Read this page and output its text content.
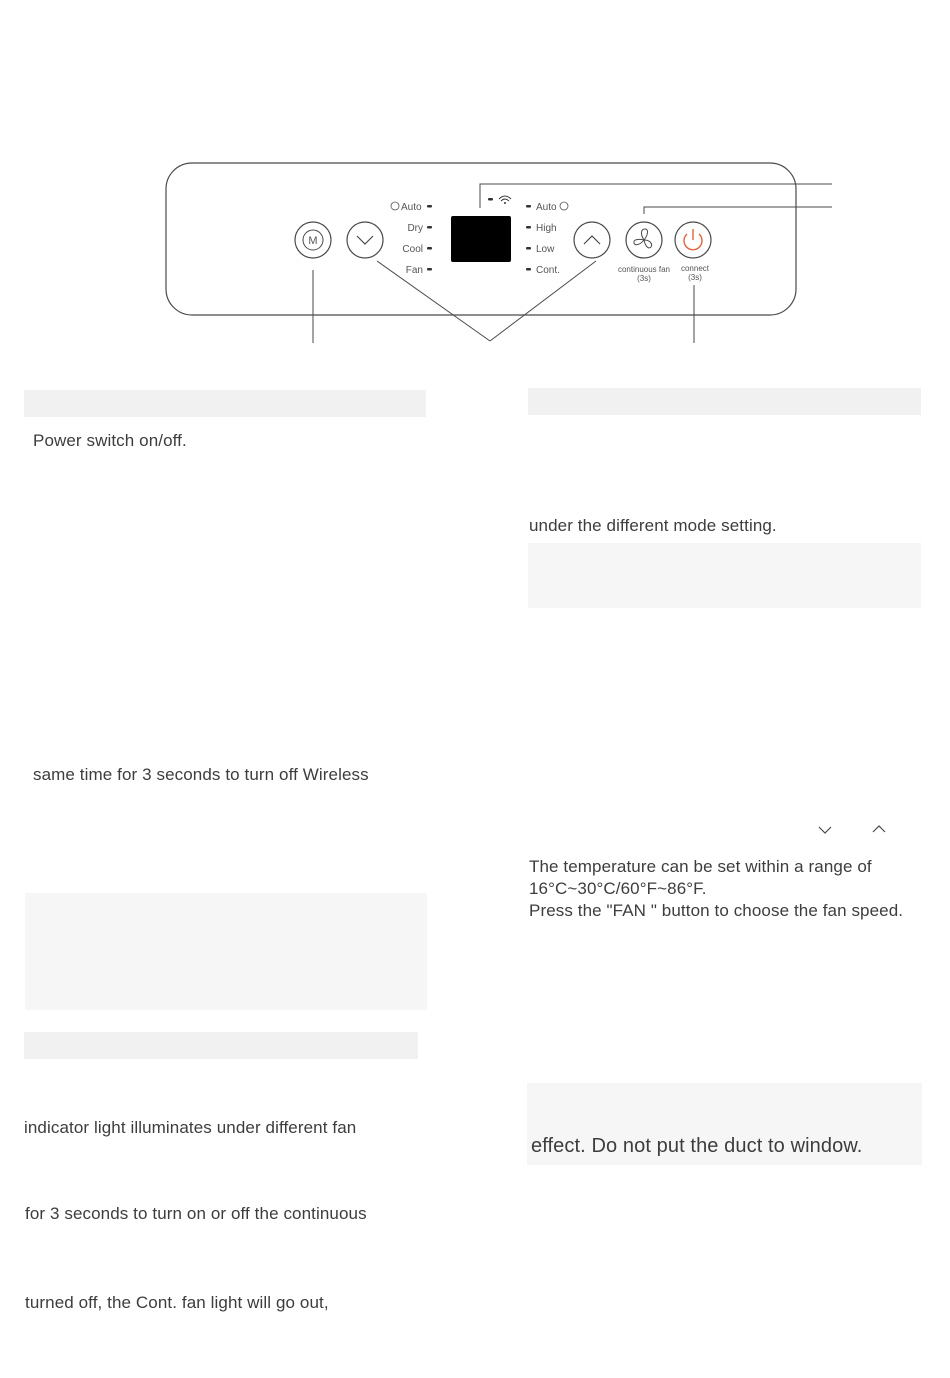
M
Auto
Dry
Cool
Fan
Auto
High
Low
Cont.	continuous fan
(3s)
connect
(3s)
Power switch on/off.
same time for 3 seconds to turn off Wireless
indicator light illuminates under different fan
for 3 seconds to turn on or off the continuous
turned off, the Cont. fan light will go out,
under the different mode setting.
The temperature can be set within a range of
16°C~30°C/60°F~86°F.
Press the "FAN " button to choose the fan speed.
effect. Do not put the duct to window.
